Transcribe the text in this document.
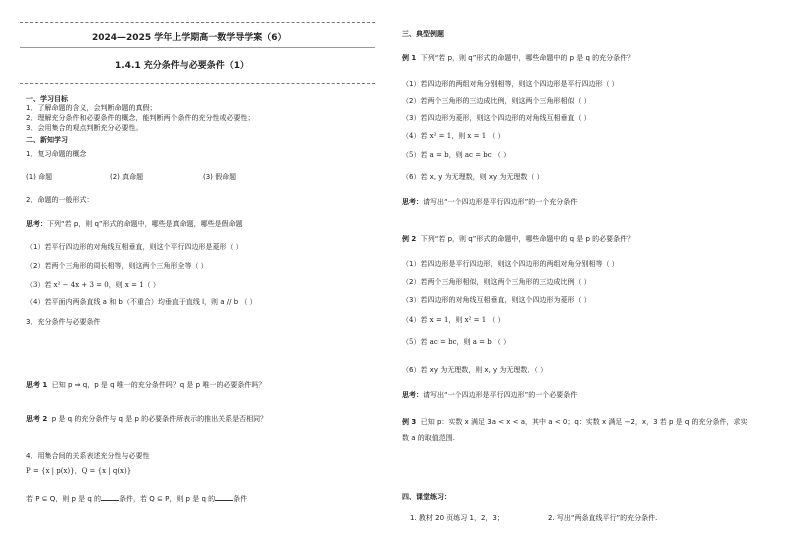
2024—2025 学年上学期高一数学导学案（6）
1.4.1 充分条件与必要条件（1）
一、学习目标
1．了解命题的含义，会判断命题的真假；
2．理解充分条件和必要条件的概念，能判断两个条件的充分性或必要性；
3．会用集合的观点判断充分必要性。
二、新知学习
1．复习命题的概念
(1) 命题	(2) 真命题	(3) 假命题
2．命题的一般形式：
思考：下列“若 p，则 q”形式的命题中，哪些是真命题，哪些是假命题
（1）若平行四边形的对角线互相垂直，则这个平行四边形是菱形（ ）
（2）若两个三角形的周长相等，则这两个三角形全等（ ）
（3）若 x² − 4x + 3 = 0，则 x = 1（ ）
（4）若平面内两条直线 a 和 b（不重合）均垂直于直线 l，则 a // b （ ）
3．充分条件与必要条件
思考 1 已知 p ⇒ q，p 是 q 唯一的充分条件吗？q 是 p 唯一的必要条件吗？
思考 2 p 是 q 的充分条件与 q 是 p 的必要条件所表示的推出关系是否相同？
4．用集合间的关系表述充分性与必要性
P = {x | p(x)}，Q = {x | q(x)}
若 P ⊆ Q，则 p 是 q 的	条件，若 Q ⊆ P，则 p 是 q 的	条件
三、典型例题
例 1 下列“若 p，则 q”形式的命题中，哪些命题中的 p 是 q 的充分条件？
（1）若四边形的两组对角分别相等，则这个四边形是平行四边形（ ）
（2）若两个三角形的三边成比例，则这两个三角形相似（ ）
（3）若四边形为菱形，则这个四边形的对角线互相垂直（ ）
（4）若 x² = 1，则 x = 1 （ ）
（5）若 a = b，则 ac = bc （ ）
（6）若 x, y 为无理数，则 xy 为无理数（ ）
思考：请写出“一个四边形是平行四边形”的一个充分条件
例 2 下列“若 p，则 q”形式的命题中，哪些命题中的 q 是 p 的必要条件？
（1）若四边形是平行四边形，则这个四边形的两组对角分别相等（ ）
（2）若两个三角形相似，则这两个三角形的三边成比例（ ）
（3）若四边形的对角线互相垂直，则这个四边形为菱形（ ）
（4）若 x = 1，则 x² = 1 （ ）
（5）若 ac = bc，则 a = b （ ）
（6）若 xy 为无理数，则 x, y 为无理数．（ ）
思考：请写出“一个四边形是平行四边形”的一个必要条件
例 3 已知 p：实数 x 满足 3a < x < a，其中 a < 0；q：实数 x 满足 −2，x，3 若 p 是 q 的充分条件，求实
数 a 的取值范围.
四、课堂练习：
1. 教材 20 页练习 1，2，3；	2. 写出“两条直线平行”的充分条件.
